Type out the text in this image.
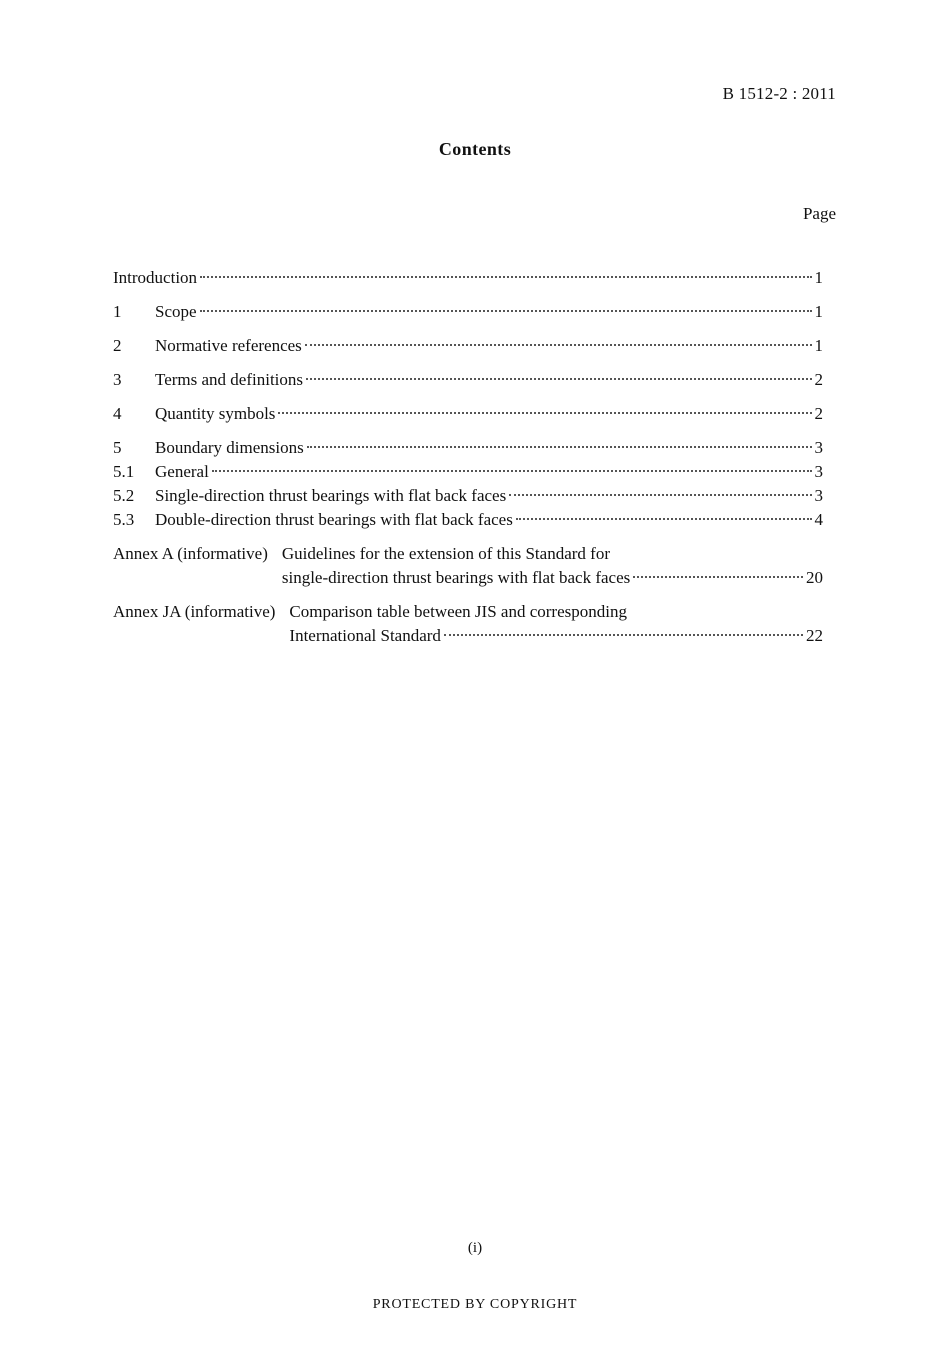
B 1512-2 : 2011
Contents
Page
Introduction	1
1	Scope	1
2	Normative references	1
3	Terms and definitions	2
4	Quantity symbols	2
5	Boundary dimensions	3
5.1	General	3
5.2	Single-direction thrust bearings with flat back faces	3
5.3	Double-direction thrust bearings with flat back faces	4
Annex A (informative) Guidelines for the extension of this Standard for
single-direction thrust bearings with flat back faces	20
Annex JA (informative) Comparison table between JIS and corresponding
International Standard	22
(i)
PROTECTED BY COPYRIGHT
